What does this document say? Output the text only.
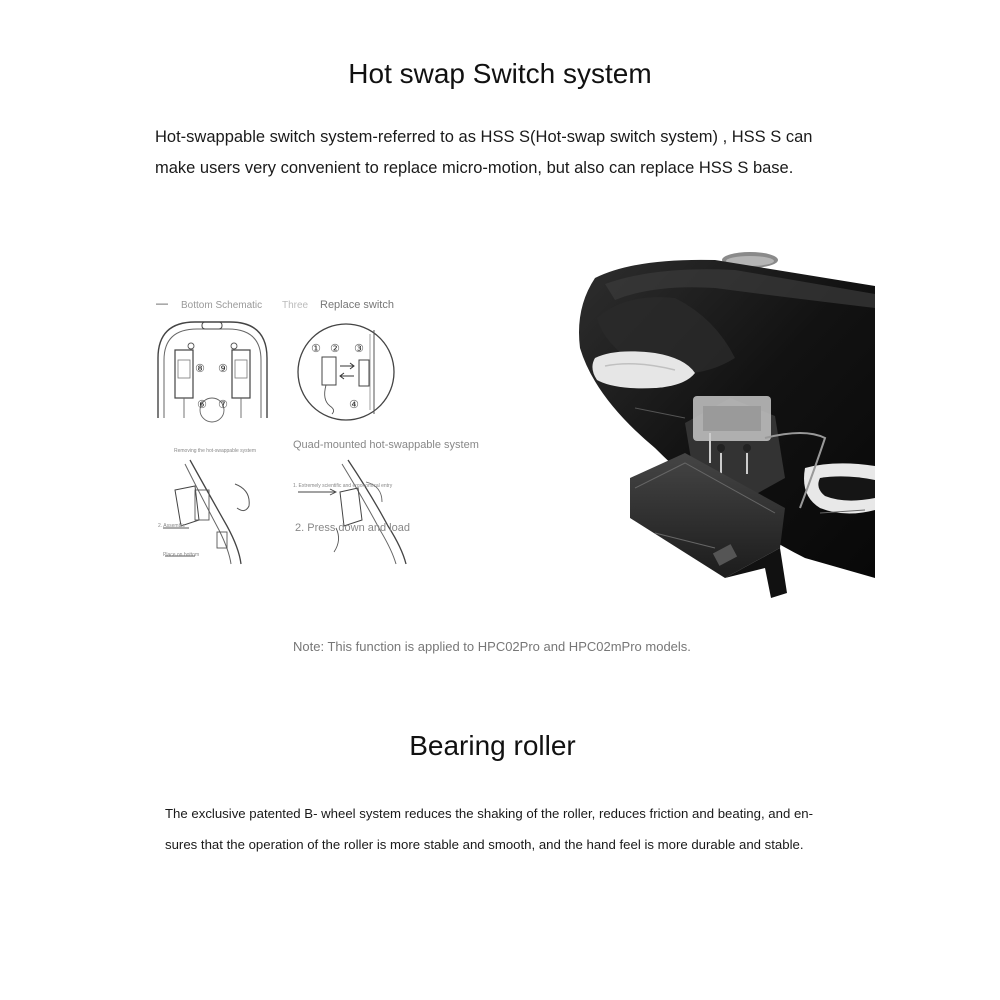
Hot swap Switch system
Hot-swappable switch system-referred to as HSS S(Hot-swap switch system) , HSS S can make users very convenient to replace micro-motion, but also can replace HSS S base.
— Bottom Schematic Three Replace switch
⑧ ⑨
⑥ ⑦
① ② ③
④
Removing the hot-swappable system	Quad-mounted hot-swappable system
2. Assemble
Place on bottom
1. Extremely scientific and ergonomical entry
2. Press down and load
Note: This function is applied to HPC02Pro and HPC02mPro models.
Bearing roller
The exclusive patented B- wheel system reduces the shaking of the roller, reduces friction and beating, and en-sures that the operation of the roller is more stable and smooth, and the hand feel is more durable and stable.
